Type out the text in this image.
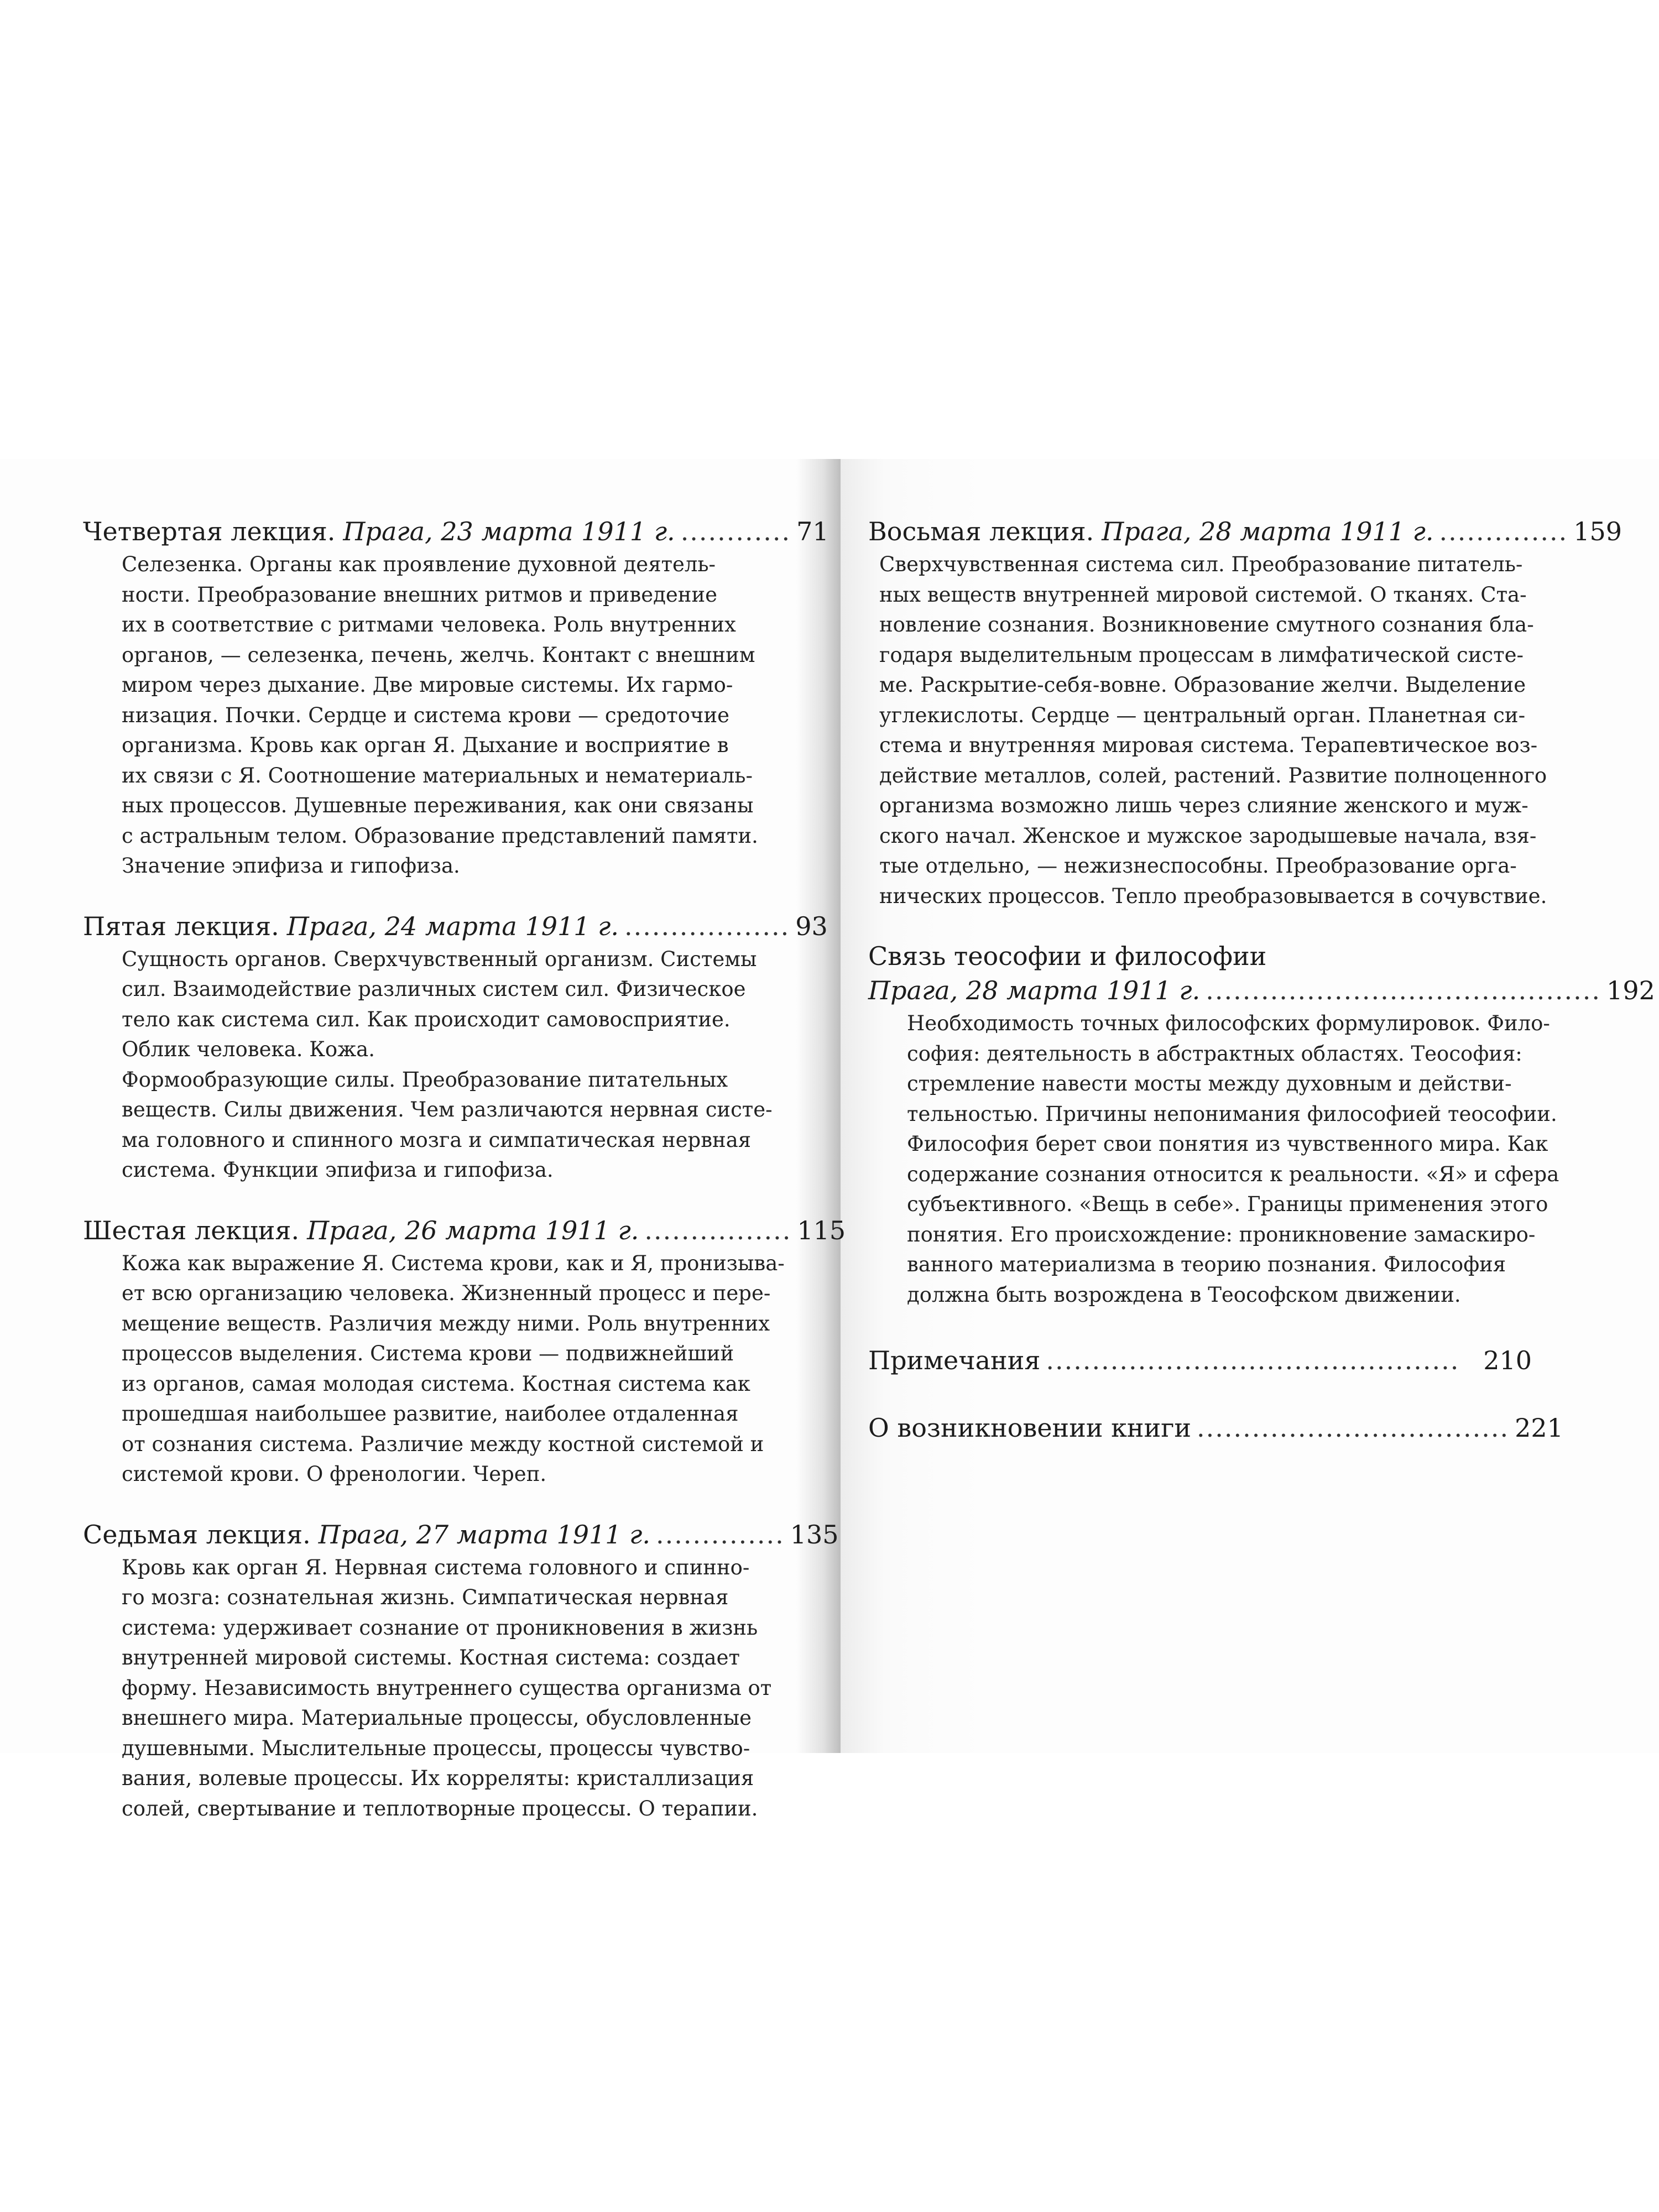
Четвертая лекция. Прага, 23 марта 1911 г. ............ 71
Селезенка. Органы как проявление духовной деятель-
ности. Преобразование внешних ритмов и приведение
их в соответствие с ритмами человека. Роль внутренних
органов, — селезенка, печень, желчь. Контакт с внешним
миром через дыхание. Две мировые системы. Их гармо-
низация. Почки. Сердце и система крови — средоточие
организма. Кровь как орган Я. Дыхание и восприятие в
их связи с Я. Соотношение материальных и нематериаль-
ных процессов. Душевные переживания, как они связаны
с астральным телом. Образование представлений памяти.
Значение эпифиза и гипофиза.
Пятая лекция. Прага, 24 марта 1911 г. .................. 93
Сущность органов. Сверхчувственный организм. Системы
сил. Взаимодействие различных систем сил. Физическое
тело как система сил. Как происходит самовосприятие.
Облик человека. Кожа.
Формообразующие силы. Преобразование питательных
веществ. Силы движения. Чем различаются нервная систе-
ма головного и спинного мозга и симпатическая нервная
система. Функции эпифиза и гипофиза.
Шестая лекция. Прага, 26 марта 1911 г. ................ 115
Кожа как выражение Я. Система крови, как и Я, пронизыва-
ет всю организацию человека. Жизненный процесс и пере-
мещение веществ. Различия между ними. Роль внутренних
процессов выделения. Система крови — подвижнейший
из органов, самая молодая система. Костная система как
прошедшая наибольшее развитие, наиболее отдаленная
от сознания система. Различие между костной системой и
системой крови. О френологии. Череп.
Седьмая лекция. Прага, 27 марта 1911 г. .............. 135
Кровь как орган Я. Нервная система головного и спинно-
го мозга: сознательная жизнь. Симпатическая нервная
система: удерживает сознание от проникновения в жизнь
внутренней мировой системы. Костная система: создает
форму. Независимость внутреннего существа организма от
внешнего мира. Материальные процессы, обусловленные
душевными. Мыслительные процессы, процессы чувство-
вания, волевые процессы. Их корреляты: кристаллизация
солей, свертывание и теплотворные процессы. О терапии.
Восьмая лекция. Прага, 28 марта 1911 г. .............. 159
Сверхчувственная система сил. Преобразование питатель-
ных веществ внутренней мировой системой. О тканях. Ста-
новление сознания. Возникновение смутного сознания бла-
годаря выделительным процессам в лимфатической систе-
ме. Раскрытие-себя-вовне. Образование желчи. Выделение
углекислоты. Сердце — центральный орган. Планетная си-
стема и внутренняя мировая система. Терапевтическое воз-
действие металлов, солей, растений. Развитие полноценного
организма возможно лишь через слияние женского и муж-
ского начал. Женское и мужское зародышевые начала, взя-
тые отдельно, — нежизнеспособны. Преобразование орга-
нических процессов. Тепло преобразовывается в сочувствие.
Связь теософии и философии
Прага, 28 марта 1911 г. ........................................... 192
Необходимость точных философских формулировок. Фило-
софия: деятельность в абстрактных областях. Теософия:
стремление навести мосты между духовным и действи-
тельностью. Причины непонимания философией теософии.
Философия берет свои понятия из чувственного мира. Как
содержание сознания относится к реальности. «Я» и сфера
субъективного. «Вещь в себе». Границы применения этого
понятия. Его происхождение: проникновение замаскиро-
ванного материализма в теорию познания. Философия
должна быть возрождена в Теософском движении.
Примечания ............................................. 210
О возникновении книги .................................. 221
